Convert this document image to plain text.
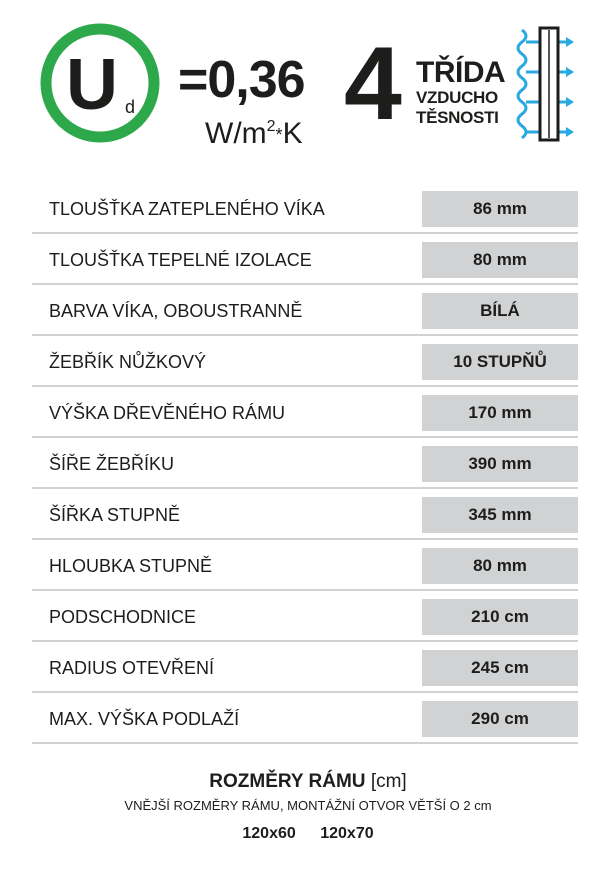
U d =0,36
$W/m^2*K$ 4 TŘÍDA
VZDUCHO
TĚSNOSTI
TLOUŠŤKA ZATEPLENÉHO VÍKA	86 mm
TLOUŠŤKA TEPELNÉ IZOLACE	80 mm
BARVA VÍKA, OBOUSTRANNĚ	BÍLÁ
ŽEBŘÍK NŮŽKOVÝ	10 STUPŇŮ
VÝŠKA DŘEVĚNÉHO RÁMU	170 mm
ŠÍŘE ŽEBŘÍKU	390 mm
ŠÍŘKA STUPNĚ	345 mm
HLOUBKA STUPNĚ	80 mm
PODSCHODNICE	210 cm
RADIUS OTEVŘENÍ	245 cm
MAX. VÝŠKA PODLAŽÍ	290 cm
ROZMĚRY RÁMU [cm]
VNĚJŠÍ ROZMĚRY RÁMU, MONTÁŽNÍ OTVOR VĚTŠÍ O 2 cm
120x60 120x70
